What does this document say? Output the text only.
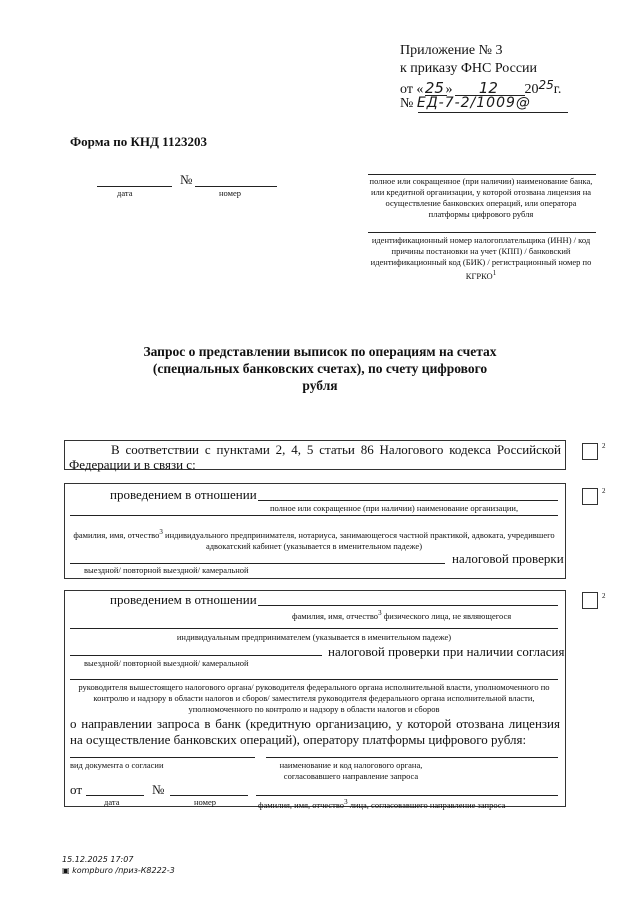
Приложение № 3
к приказу ФНС России
от «25» 12 2025г.
№ ЕД-7-2/1009@
Форма по КНД 1123203
№
дата	номер
полное или сокращенное (при наличии) наименование банка, или кредитной организации, у которой отозвана лицензия на осуществление банковских операций, или оператора платформы цифрового рубля
идентификационный номер налогоплательщика (ИНН) / код причины постановки на учет (КПП) / банковский идентификационный код (БИК) / регистрационный номер по КГРКО$^1$
Запрос о представлении выписок по операциям на счетах
(специальных банковских счетах), по счету цифрового
рубля
В соответствии с пунктами 2, 4, 5 статьи 86 Налогового кодекса Российской Федерации и в связи с:
2
проведением в отношении
полное или сокращенное (при наличии) наименование организации,
фамилия, имя, отчество$^3$ индивидуального предпринимателя, нотариуса, занимающегося частной практикой, адвоката, учредившего адвокатский кабинет (указывается в именительном падеже)
налоговой проверки
выездной/ повторной выездной/ камеральной
2
проведением в отношении
фамилия, имя, отчество$^3$ физического лица, не являющегося
индивидуальным предпринимателем (указывается в именительном падеже)
налоговой проверки при наличии согласия
выездной/ повторной выездной/ камеральной
руководителя вышестоящего налогового органа/ руководителя федерального органа исполнительной власти, уполномоченного по контролю и надзору в области налогов и сборов/ заместителя руководителя федерального органа исполнительной власти, уполномоченного по контролю и надзору в области налогов и сборов
о направлении запроса в банк (кредитную организацию, у которой отозвана лицензия на осуществление банковских операций), оператору платформы цифрового рубля:
вид документа о согласии	наименование и код налогового органа, согласовавшего направление запроса
от	№
дата	номер	фамилия, имя, отчество$^3$ лица, согласовавшего направление запроса
2
15.12.2025 17:07
▣ kompburo /приз-К8222-3
